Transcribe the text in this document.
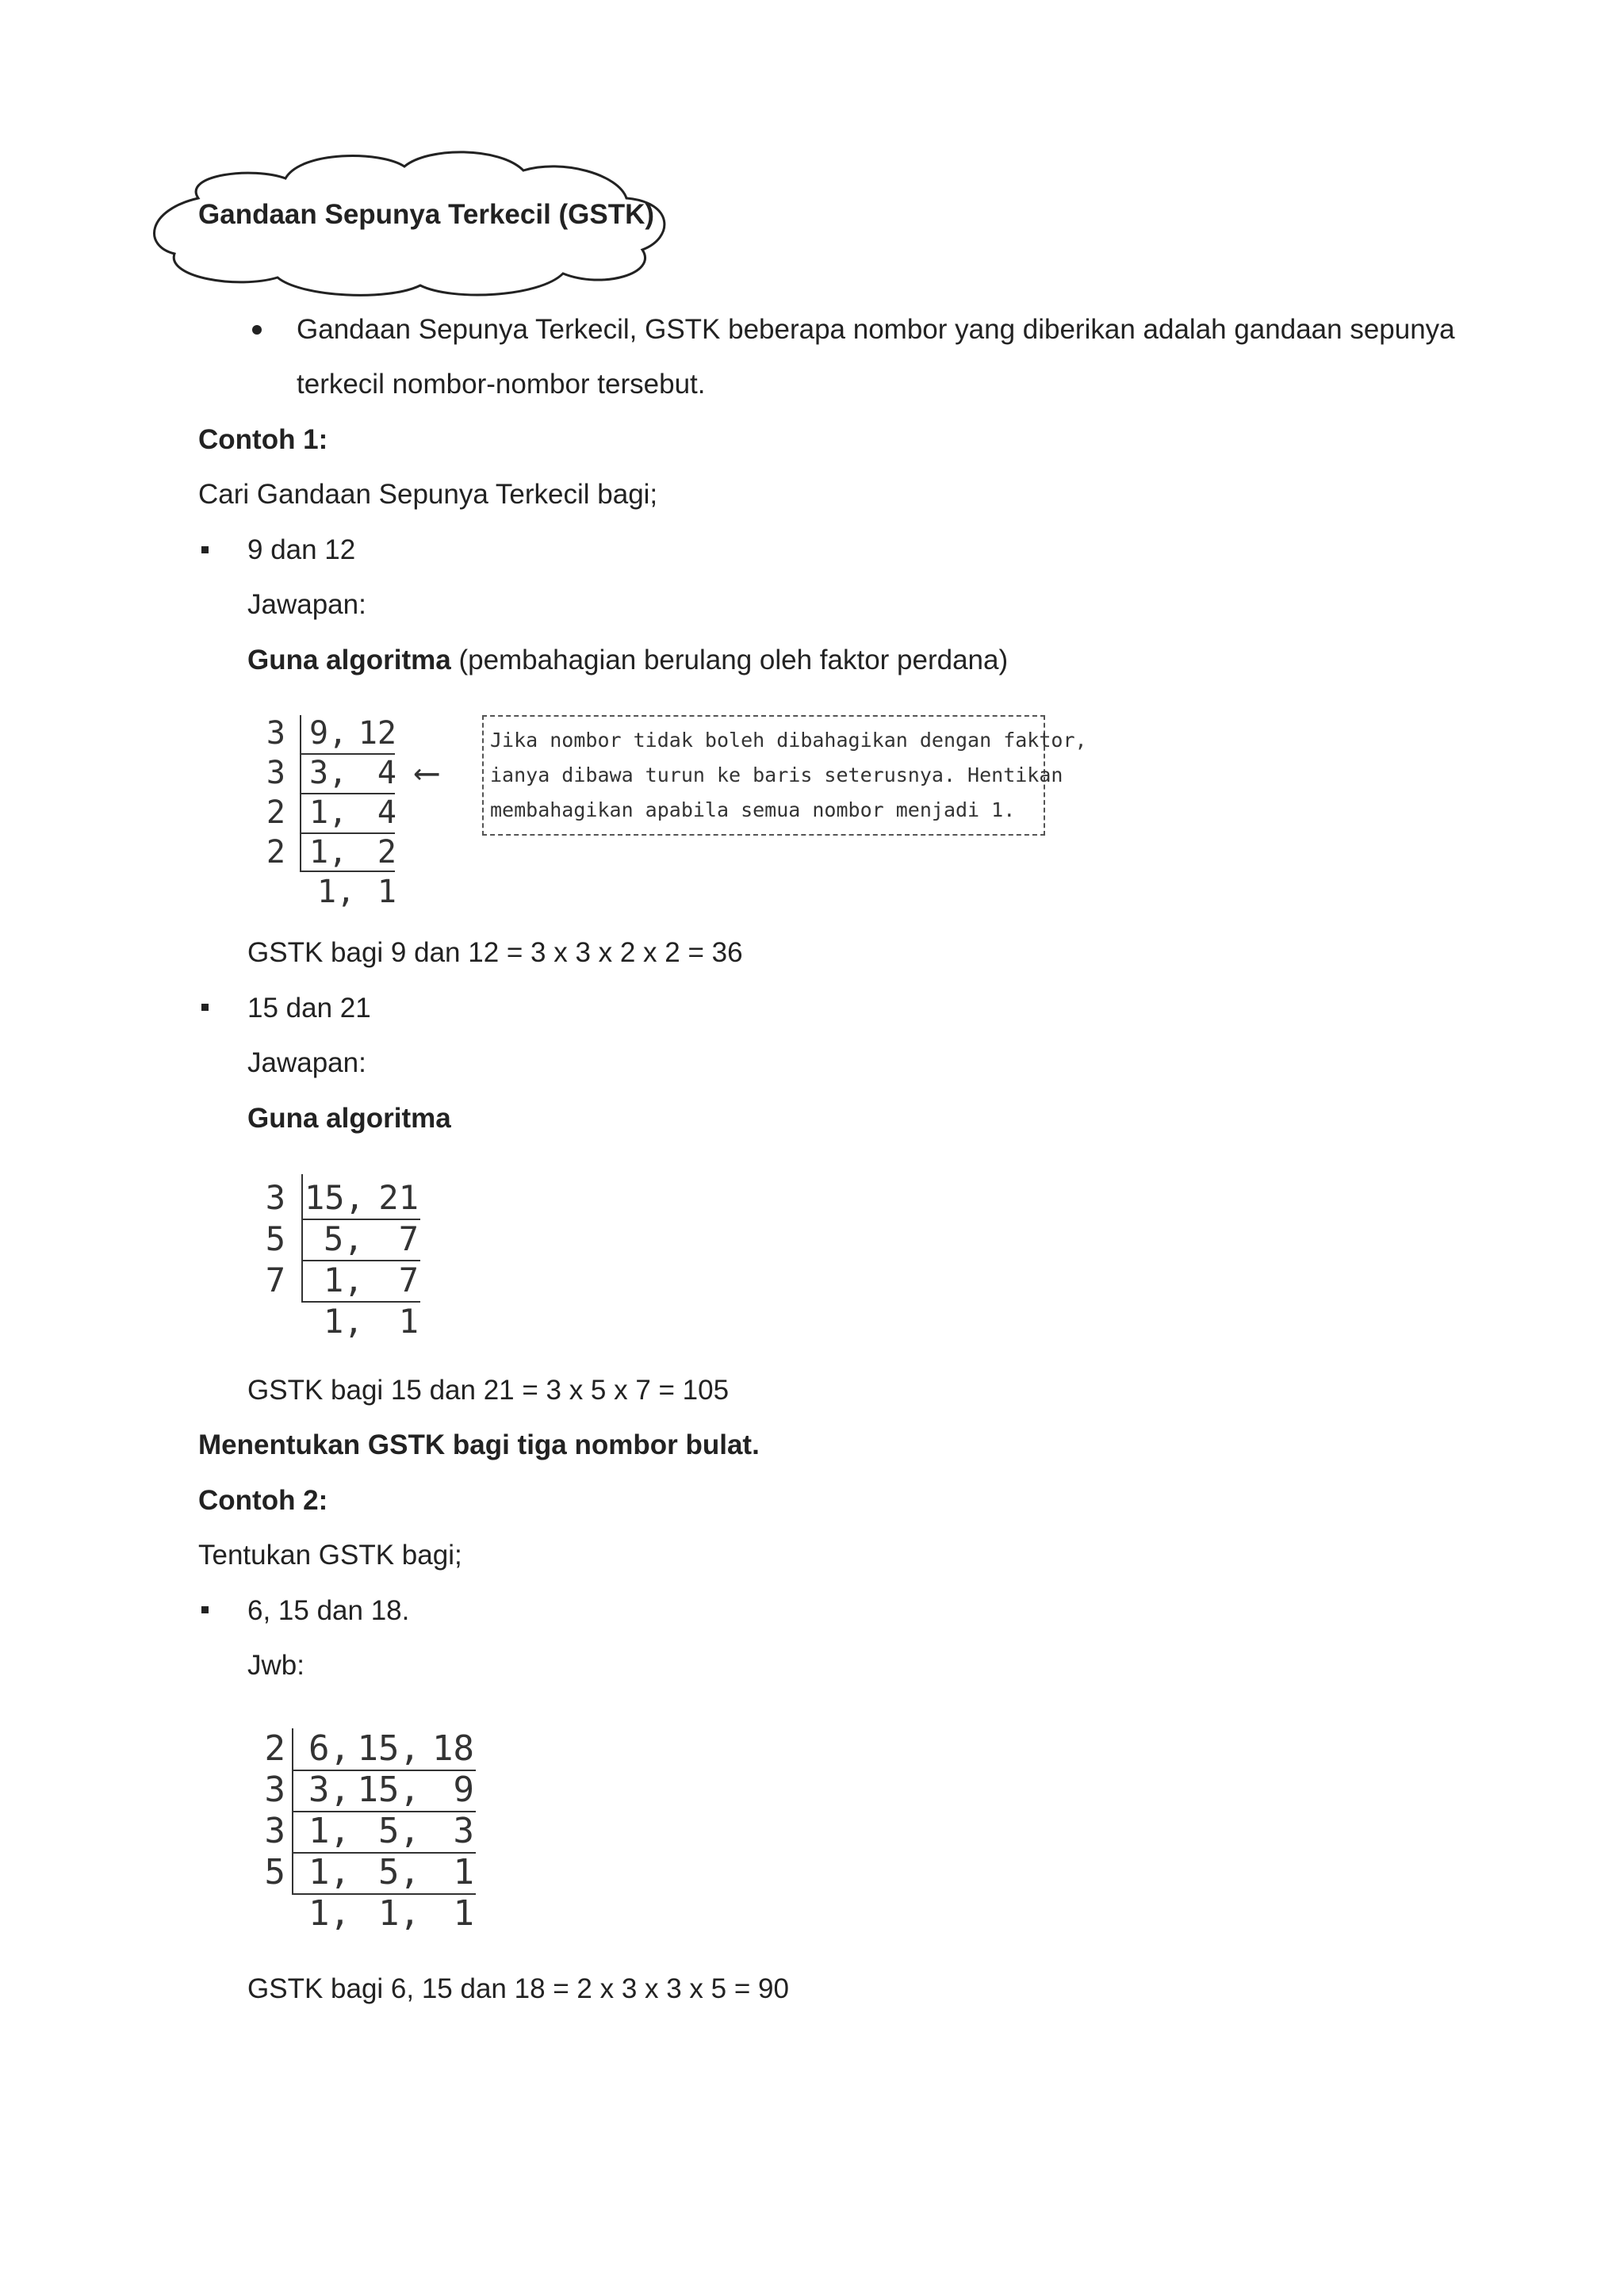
Gandaan Sepunya Terkecil (GSTK)
Gandaan Sepunya Terkecil, GSTK beberapa nombor yang diberikan adalah gandaan sepunya
terkecil nombor-nombor tersebut.
Contoh 1:
Cari Gandaan Sepunya Terkecil bagi;
9 dan 12
Jawapan:
Guna algoritma (pembahagian berulang oleh faktor perdana)
3
3
2
2
9, 12
3, 4
1, 4
1, 2
1, 1
⟵
Jika nombor tidak boleh dibahagikan dengan faktor,
ianya dibawa turun ke baris seterusnya. Hentikan
membahagikan apabila semua nombor menjadi 1.
GSTK bagi 9 dan 12 = 3 x 3 x 2 x 2 = 36
15 dan 21
Jawapan:
Guna algoritma
3
5
7
15, 21
5, 7
1, 7
1, 1
GSTK bagi 15 dan 21 = 3 x 5 x 7 = 105
Menentukan GSTK bagi tiga nombor bulat.
Contoh 2:
Tentukan GSTK bagi;
6, 15 dan 18.
Jwb:
2
3
3
5
6, 15, 18
3, 15, 9
1, 5, 3
1, 5, 1
1, 1, 1
GSTK bagi 6, 15 dan 18 = 2 x 3 x 3 x 5 = 90
